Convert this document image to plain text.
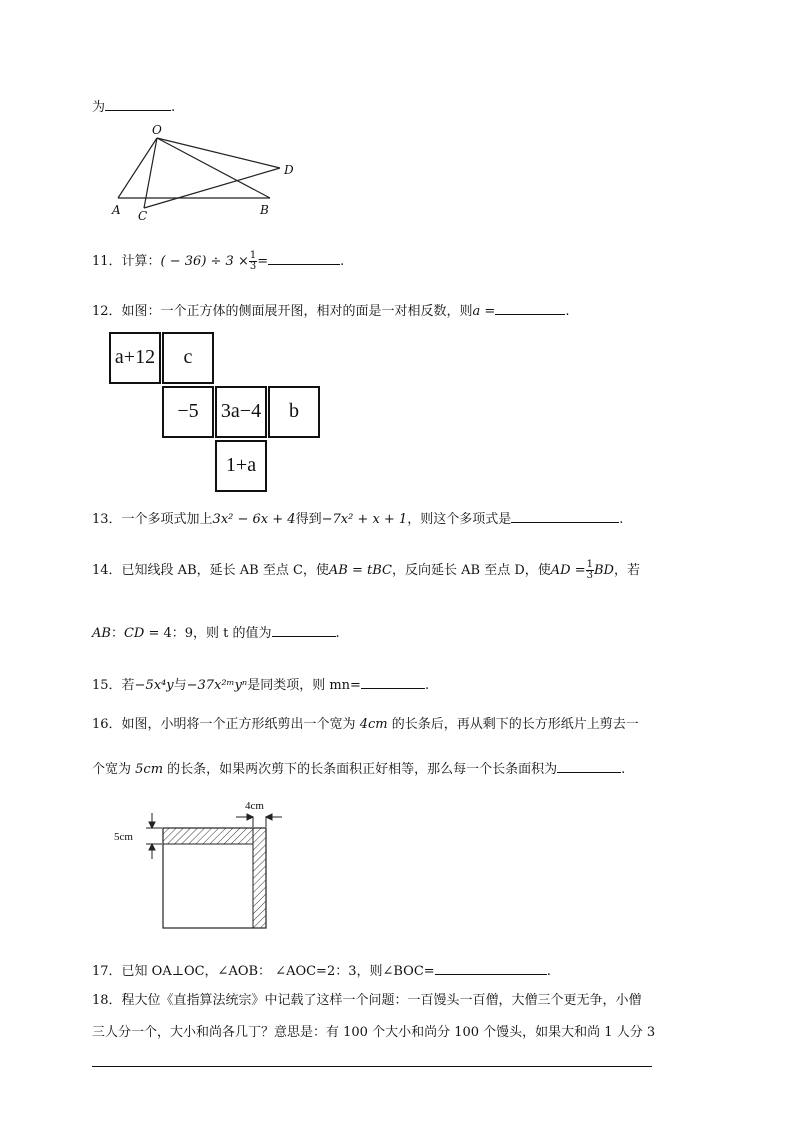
为	.
O
D
A C	B
11．计算：( − $36) \div 3 \times \frac{1}{3}$ =	.
12．如图：一个正方体的侧面展开图，相对的面是一对相反数，则a =	.
a+12	c
−5	3a−4	b
1+a
13．一个多项式加上3x² − 6x + 4得到−7x² + x + 1，则这个多项式是	.
14．已知线段 AB，延长 AB 至点 C，使AB = tBC，反向延长 AB 至点 D，使AD = $\frac{1}{3}$ BD，若
AB：CD = 4：9，则 t 的值为	.
15．若−5x⁴y与−37x²ᵐyⁿ是同类项，则 mn=	.
16．如图，小明将一个正方形纸剪出一个宽为 4cm 的长条后，再从剩下的长方形纸片上剪去一
个宽为 5cm 的长条，如果两次剪下的长条面积正好相等，那么每一个长条面积为	.
4cm
5cm
17．已知 OA⊥OC，∠AOB： ∠AOC=2：3，则∠BOC=	.
18．程大位《直指算法统宗》中记载了这样一个问题：一百馒头一百僧，大僧三个更无争，小僧
三人分一个，大小和尚各几丁？意思是：有 100 个大小和尚分 100 个馒头，如果大和尚 1 人分 3
